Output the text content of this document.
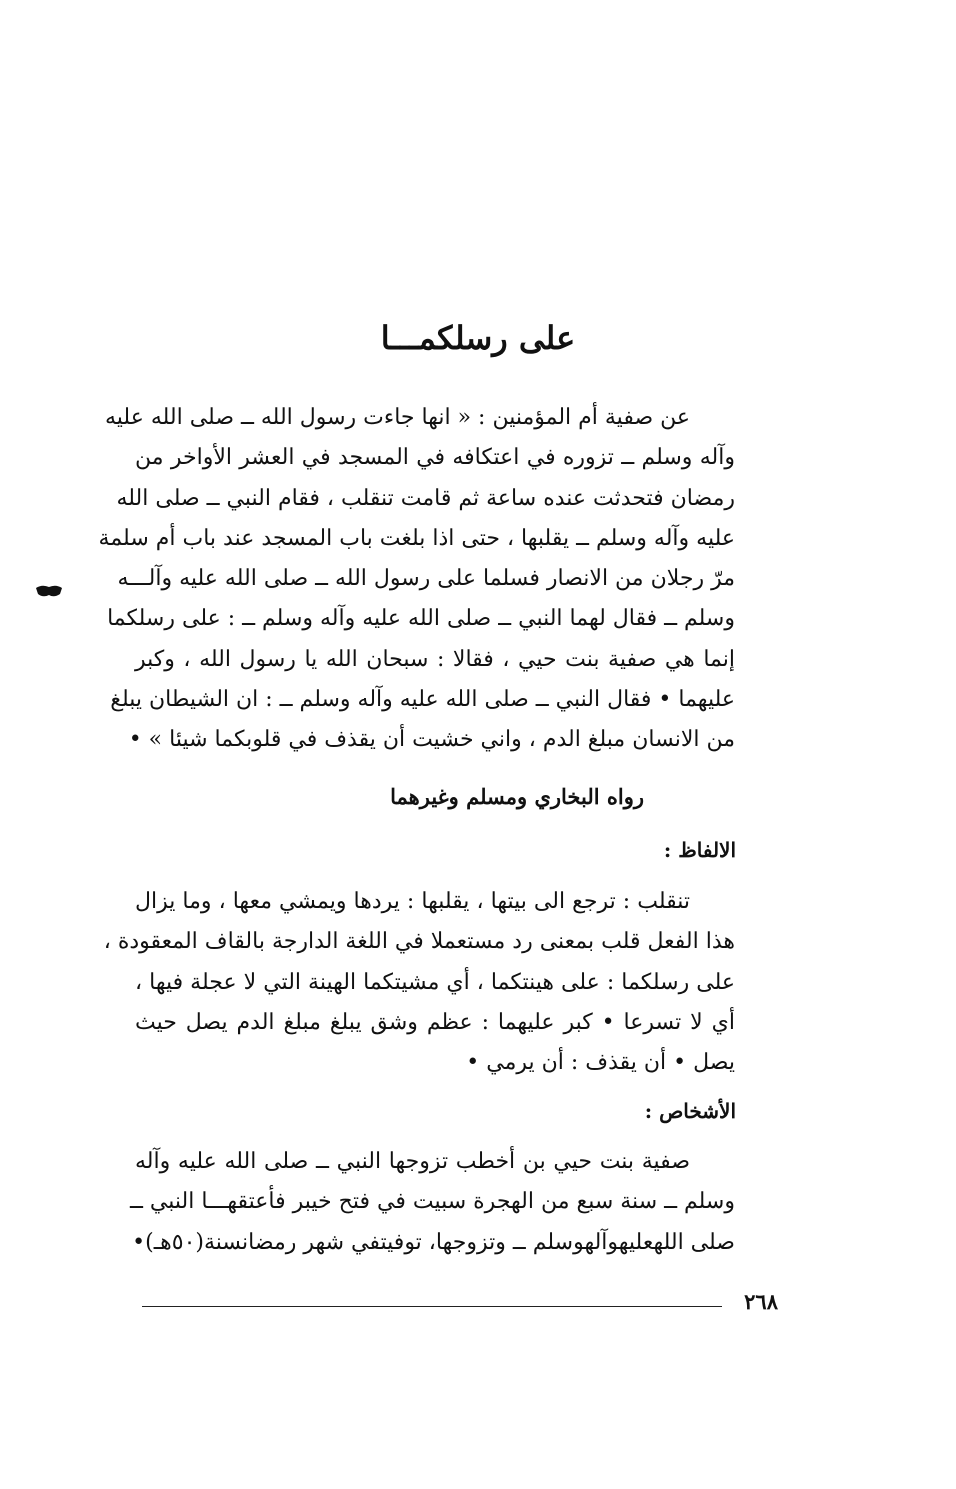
على رسلكمـــا
عن صفية أم المؤمنين : « انها جاءت رسول الله ــ صلى الله عليه
وآله وسلم ــ تزوره في اعتكافه في المسجد في العشر الأواخر من
رمضان فتحدثت عنده ساعة ثم قامت تنقلب ، فقام النبي ــ صلى الله
عليه وآله وسلم ــ يقلبها ، حتى اذا بلغت باب المسجد عند باب أم سلمة
مرّ رجلان من الانصار فسلما على رسول الله ــ صلى الله عليه وآلـــه
وسلم ــ فقال لهما النبي ــ صلى الله عليه وآله وسلم ــ : على رسلكما
إنما هي صفية بنت حيي ، فقالا : سبحان الله يا رسول الله ، وكبر
عليهما • فقال النبي ــ صلى الله عليه وآله وسلم ــ : ان الشيطان يبلغ
من الانسان مبلغ الدم ، واني خشيت أن يقذف في قلوبكما شيئا » •

رواه البخاري ومسلم وغيرهما

الالفاظ :

تنقلب : ترجع الى بيتها ، يقلبها : يردها ويمشي معها ، وما يزال
هذا الفعل قلب بمعنى رد مستعملا في اللغة الدارجة بالقاف المعقودة ،
على رسلكما : على هينتكما ، أي مشيتكما الهينة التي لا عجلة فيها ،
أي لا تسرعا • كبر عليهما : عظم وشق يبلغ مبلغ الدم يصل حيث
يصل • أن يقذف : أن يرمي •

الأشخاص :

صفية بنت حيي بن أخطب تزوجها النبي ــ صلى الله عليه وآله
وسلم ــ سنة سبع من الهجرة سبيت في فتح خيبر فأعتقهـــا النبي ــ
صلى اللهعليهوآلهوسلم ــ وتزوجها، توفيتفي شهر رمضانسنة(٥٠هـ)•

٢٦٨
